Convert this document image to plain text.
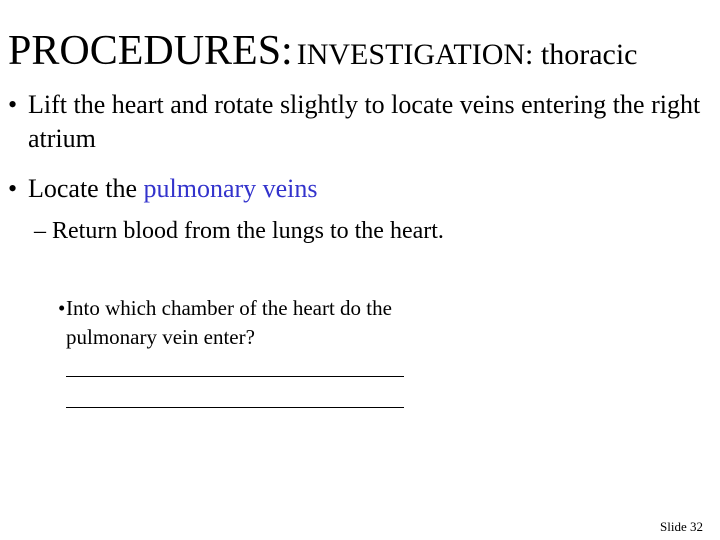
PROCEDURES: INVESTIGATION: thoracic
• Lift the heart and rotate slightly to locate veins entering the right atrium
• Locate the pulmonary veins
– Return blood from the lungs to the heart.
• Into which chamber of the heart do the pulmonary vein enter?
Slide 32
